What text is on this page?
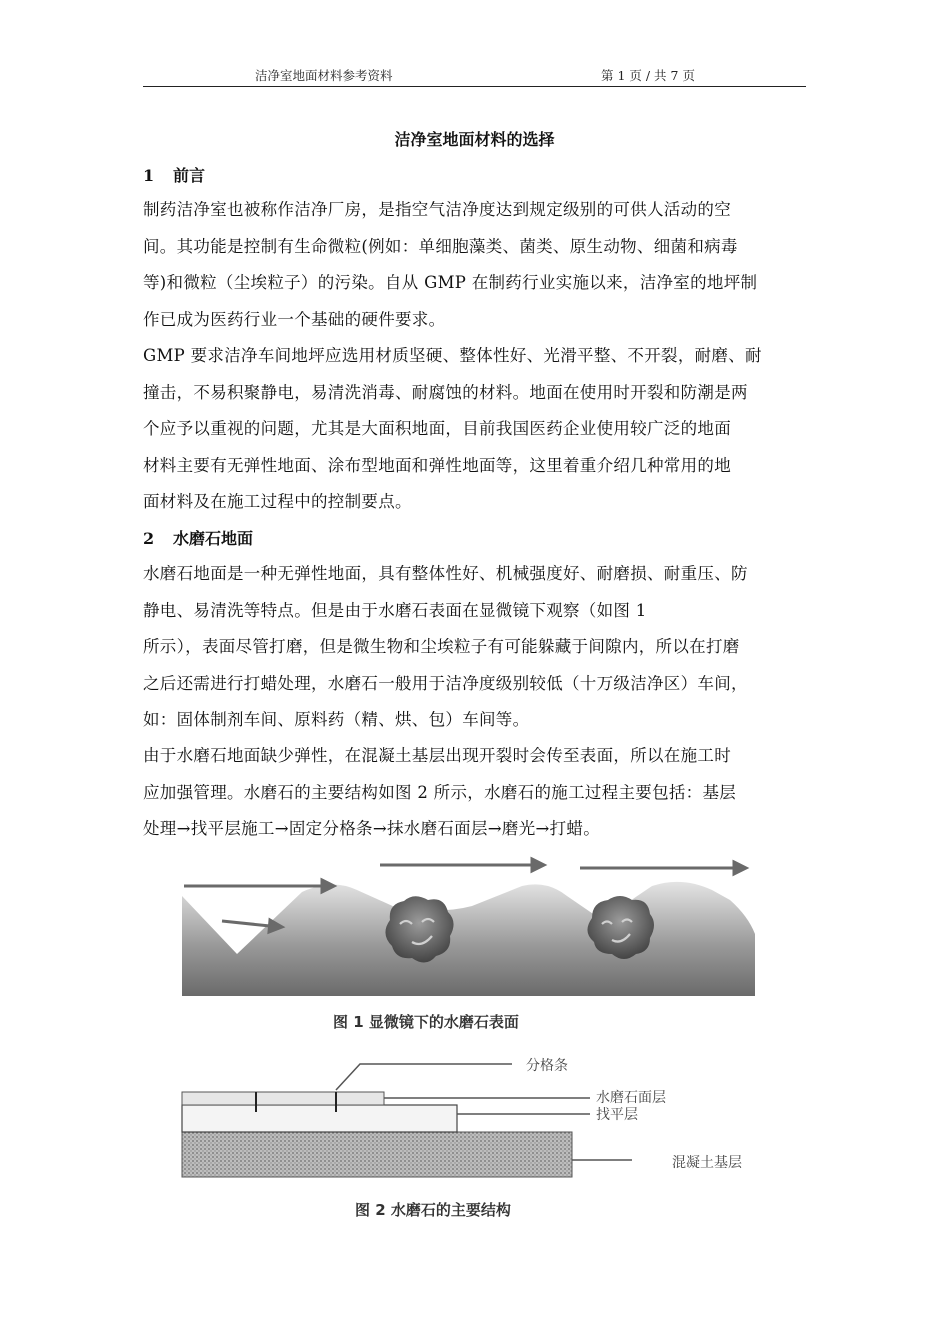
洁净室地面材料参考资料	第 1 页 / 共 7 页
洁净室地面材料的选择
1 前言
制药洁净室也被称作洁净厂房，是指空气洁净度达到规定级别的可供人活动的空
间。其功能是控制有生命微粒(例如：单细胞藻类、菌类、原生动物、细菌和病毒
等)和微粒（尘埃粒子）的污染。自从 GMP 在制药行业实施以来，洁净室的地坪制
作已成为医药行业一个基础的硬件要求。
GMP 要求洁净车间地坪应选用材质坚硬、整体性好、光滑平整、不开裂，耐磨、耐
撞击，不易积聚静电，易清洗消毒、耐腐蚀的材料。地面在使用时开裂和防潮是两
个应予以重视的问题，尤其是大面积地面，目前我国医药企业使用较广泛的地面
材料主要有无弹性地面、涂布型地面和弹性地面等，这里着重介绍几种常用的地
面材料及在施工过程中的控制要点。
2 水磨石地面
水磨石地面是一种无弹性地面，具有整体性好、机械强度好、耐磨损、耐重压、防
静电、易清洗等特点。但是由于水磨石表面在显微镜下观察（如图 1
所示），表面尽管打磨，但是微生物和尘埃粒子有可能躲藏于间隙内，所以在打磨
之后还需进行打蜡处理，水磨石一般用于洁净度级别较低（十万级洁净区）车间，
如：固体制剂车间、原料药（精、烘、包）车间等。
由于水磨石地面缺少弹性，在混凝土基层出现开裂时会传至表面，所以在施工时
应加强管理。水磨石的主要结构如图 2 所示，水磨石的施工过程主要包括：基层
处理→找平层施工→固定分格条→抹水磨石面层→磨光→打蜡。
图 1 显微镜下的水磨石表面
分格条
水磨石面层
找平层
混凝土基层
图 2 水磨石的主要结构
